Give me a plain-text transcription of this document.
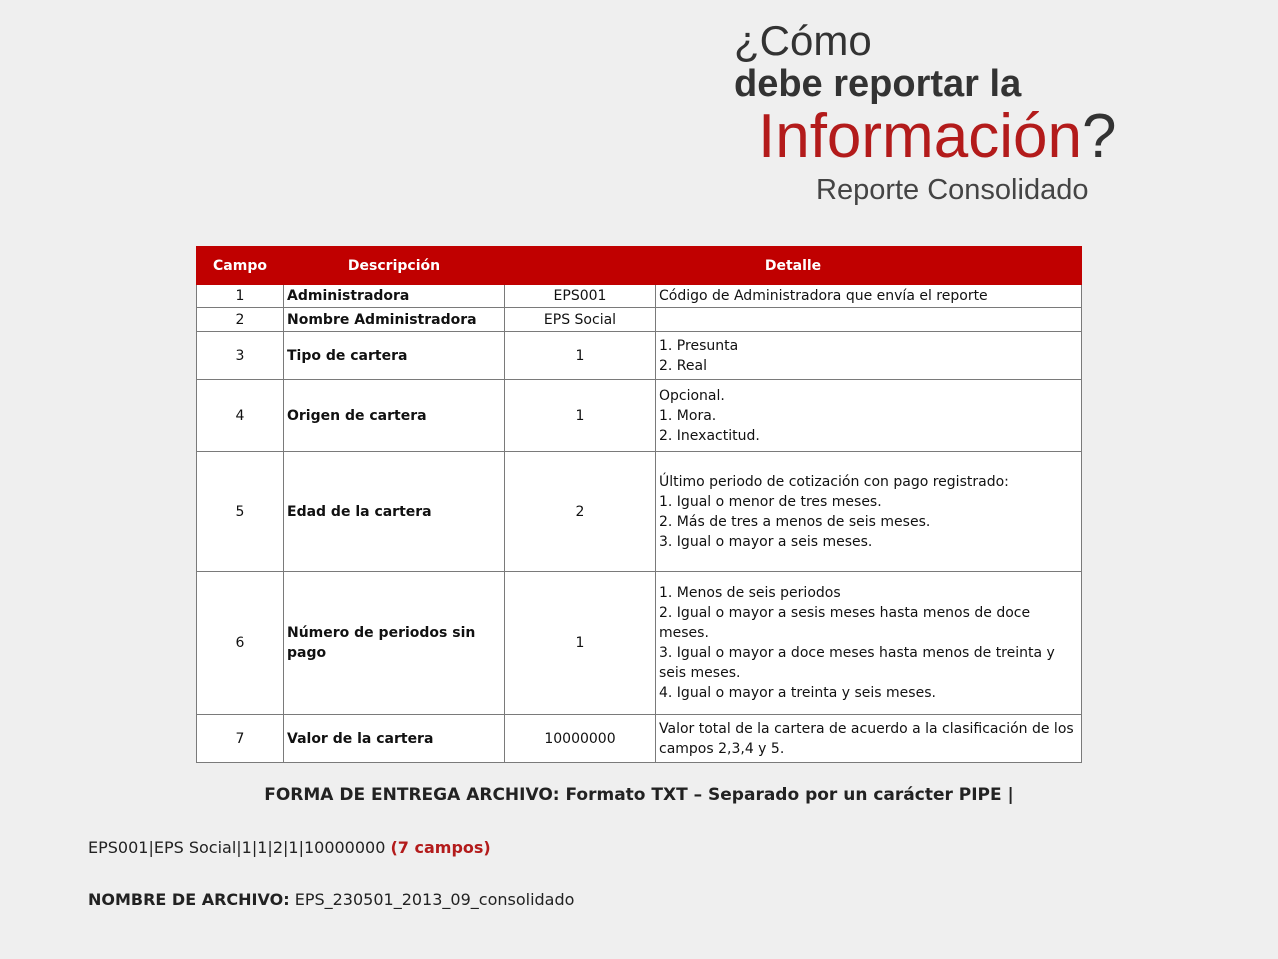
¿Cómo
debe reportar la
Información?
Reporte Consolidado
Campo	Descripción	Detalle	
1	Administradora	EPS001	Código de Administradora que envía el reporte

2	Nombre Administradora	EPS Social	

3	Tipo de cartera	1	1. Presunta
2. Real

4	Origen de cartera	1	Opcional.
1. Mora.
2. Inexactitud.

5	Edad de la cartera	2	Último periodo de cotización con pago registrado:
1. Igual o menor de tres meses.
2. Más de tres a menos de seis meses.
3. Igual o mayor a seis meses.

6	Número de periodos sin pago	1	1. Menos de seis periodos
2. Igual o mayor a sesis meses hasta menos de doce meses.
3. Igual o mayor a doce meses hasta menos de treinta y seis meses.
4. Igual o mayor a treinta y seis meses.

7	Valor de la cartera	10000000	Valor total de la cartera de acuerdo a la clasificación de los campos 2,3,4 y 5.
FORMA DE ENTREGA ARCHIVO: Formato TXT – Separado por un carácter PIPE |
EPS001|EPS Social|1|1|2|1|10000000 (7 campos)
NOMBRE DE ARCHIVO: EPS_230501_2013_09_consolidado
